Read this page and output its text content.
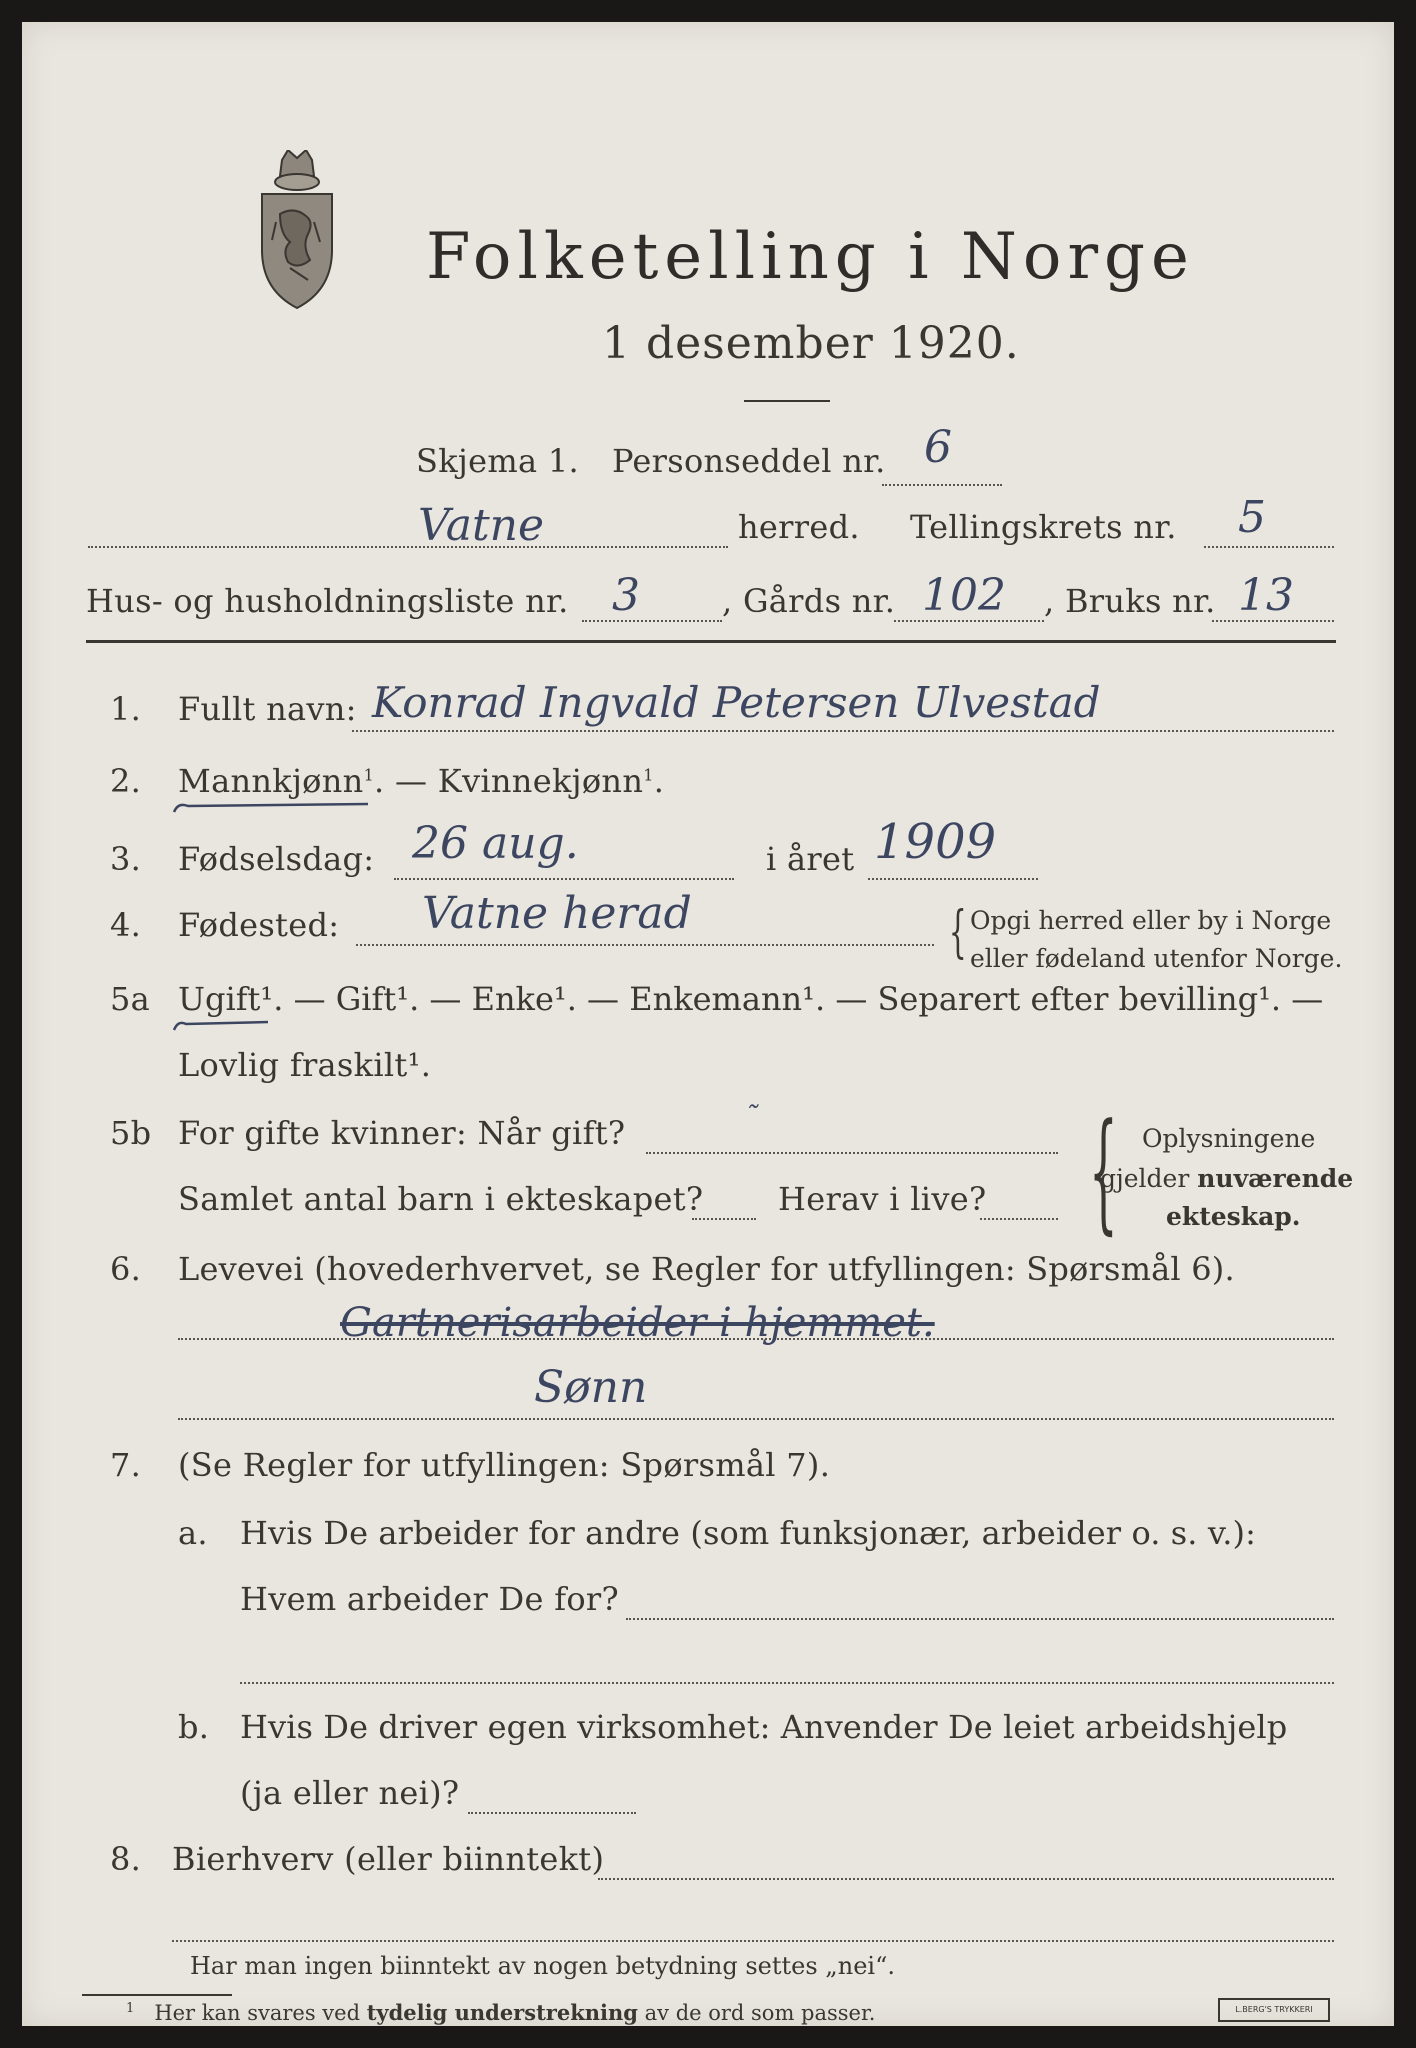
Folketelling i Norge
1 desember 1920.
Skjema 1. Personseddel nr. 6
Vatne	herred. Tellingskrets nr. 5
Hus- og husholdningsliste nr. 3	, Gårds nr. 102 , Bruks nr. 13
1. Fullt navn: Konrad Ingvald Petersen Ulvestad
2. Mannkjønn$^1$. — Kvinnekjønn$^1$.
3. Fødselsdag: 26 aug.	i året 1909
4. Fødested: Vatne herad	{ Opgi herred eller by i Norge
eller fødeland utenfor Norge.
5a Ugift¹. — Gift¹. — Enke¹. — Enkemann¹. — Separert efter bevilling¹. —
Lovlig fraskilt¹.
5b For gifte kvinner: Når gift?	˜
Samlet antal barn i ekteskapet? Herav i live? { Oplysningene
gjelder nuværende
ekteskap.
6. Levevei (hovederhvervet, se Regler for utfyllingen: Spørsmål 6).
Gartnerisarbeider i hjemmet.
Sønn
7. (Se Regler for utfyllingen: Spørsmål 7).
a. Hvis De arbeider for andre (som funksjonær, arbeider o. s. v.):
Hvem arbeider De for?
b. Hvis De driver egen virksomhet: Anvender De leiet arbeidshjelp
(ja eller nei)?
8. Bierhverv (eller biinntekt)
Har man ingen biinntekt av nogen betydning settes „nei“.
$^1$ Her kan svares ved tydelig understrekning av de ord som passer.	L.BERG'S TRYKKERI
